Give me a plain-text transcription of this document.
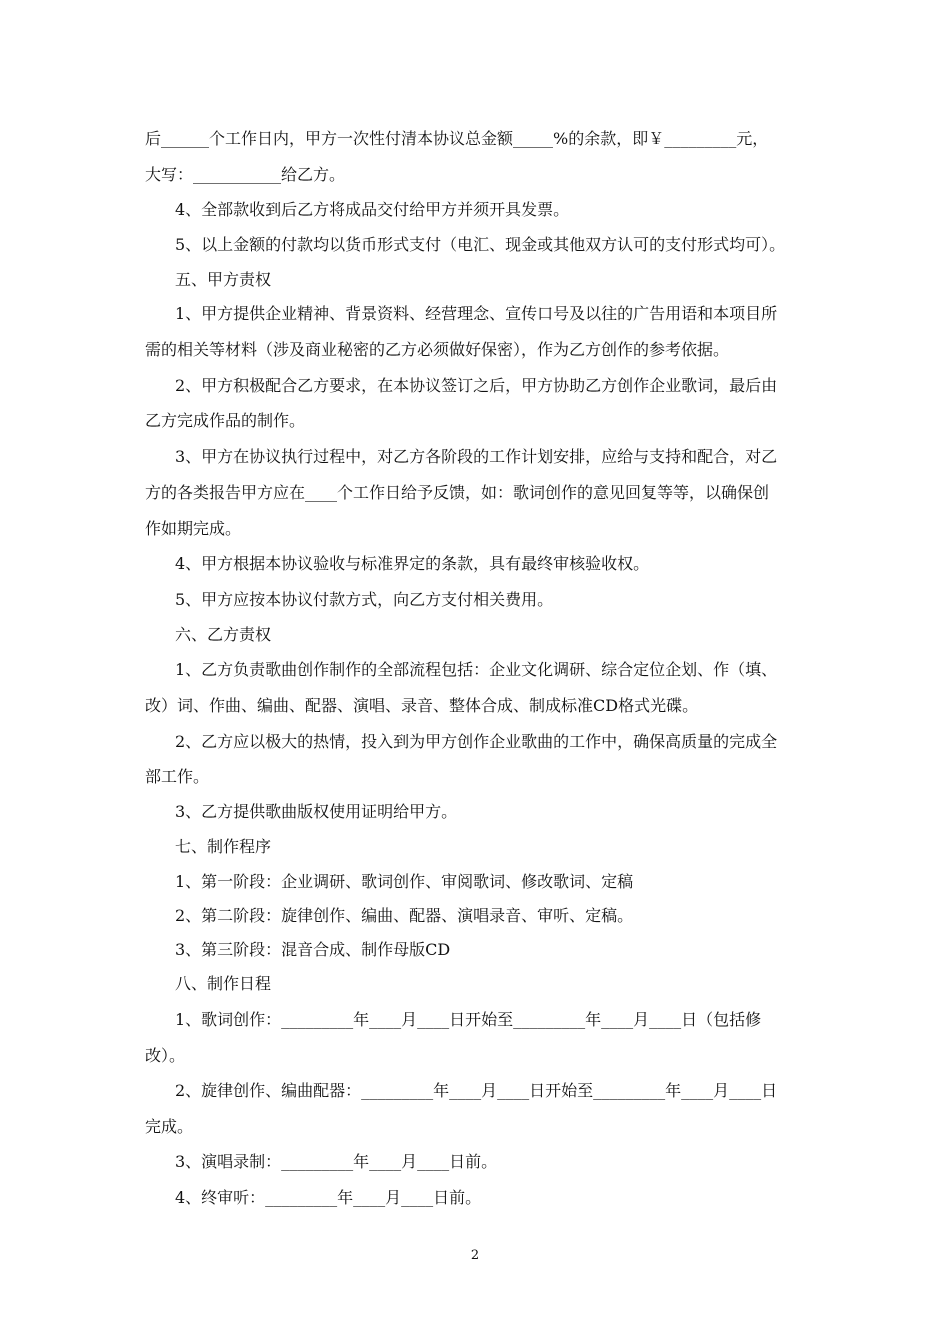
后______个工作日内，甲方一次性付清本协议总金额_____%的余款，即￥_________元，
大写：___________给乙方。
4、全部款收到后乙方将成品交付给甲方并须开具发票。
5、以上金额的付款均以货币形式支付（电汇、现金或其他双方认可的支付形式均可）。
五、甲方责权
1、甲方提供企业精神、背景资料、经营理念、宣传口号及以往的广告用语和本项目所
需的相关等材料（涉及商业秘密的乙方必须做好保密），作为乙方创作的参考依据。
2、甲方积极配合乙方要求，在本协议签订之后，甲方协助乙方创作企业歌词，最后由
乙方完成作品的制作。
3、甲方在协议执行过程中，对乙方各阶段的工作计划安排，应给与支持和配合，对乙
方的各类报告甲方应在____个工作日给予反馈，如：歌词创作的意见回复等等，以确保创
作如期完成。
4、甲方根据本协议验收与标准界定的条款，具有最终审核验收权。
5、甲方应按本协议付款方式，向乙方支付相关费用。
六、乙方责权
1、乙方负责歌曲创作制作的全部流程包括：企业文化调研、综合定位企划、作（填、
改）词、作曲、编曲、配器、演唱、录音、整体合成、制成标准CD格式光碟。
2、乙方应以极大的热情，投入到为甲方创作企业歌曲的工作中，确保高质量的完成全
部工作。
3、乙方提供歌曲版权使用证明给甲方。
七、制作程序
1、第一阶段：企业调研、歌词创作、审阅歌词、修改歌词、定稿
2、第二阶段：旋律创作、编曲、配器、演唱录音、审听、定稿。
3、第三阶段：混音合成、制作母版CD
八、制作日程
1、歌词创作：_________年____月____日开始至_________年____月____日（包括修
改）。
2、旋律创作、编曲配器：_________年____月____日开始至_________年____月____日
完成。
3、演唱录制：_________年____月____日前。
4、终审听：_________年____月____日前。
2
